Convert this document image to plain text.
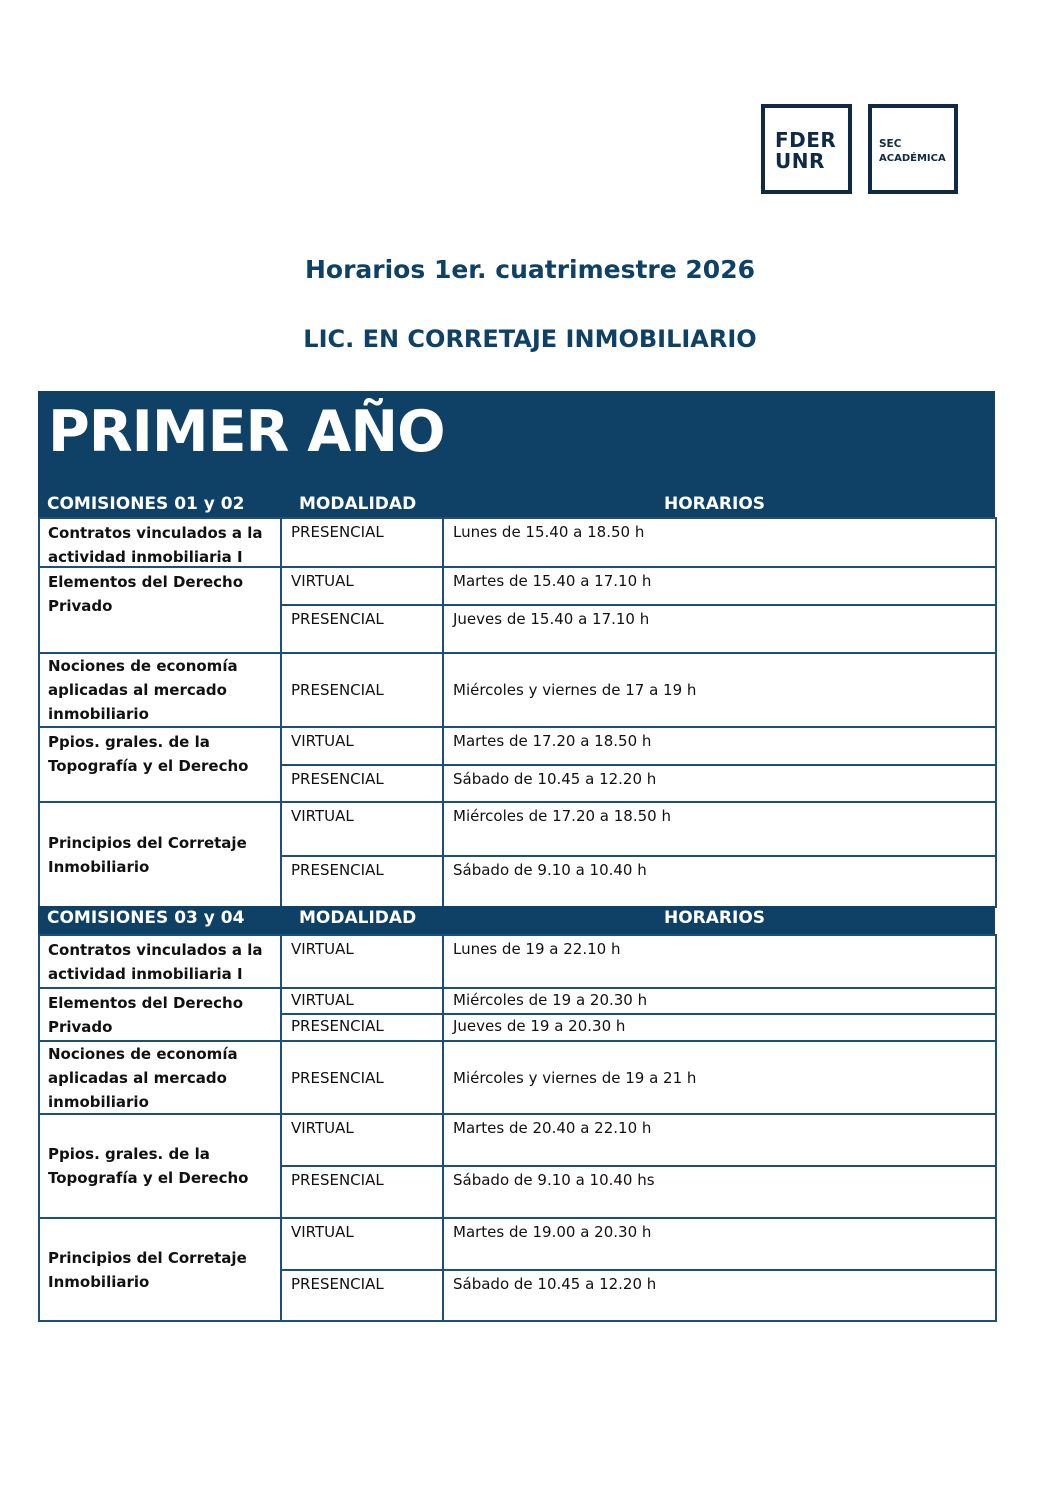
FDER
UNR
SEC
ACADÉMICA
Horarios 1er. cuatrimestre 2026
LIC. EN CORRETAJE INMOBILIARIO
PRIMER AÑO
COMISIONES 01 y 02	MODALIDAD	HORARIOS
Contratos vinculados a la
actividad inmobiliaria I
PRESENCIAL	Lunes de 15.40 a 18.50 h
Elementos del Derecho
Privado
VIRTUAL	Martes de 15.40 a 17.10 h
PRESENCIAL	Jueves de 15.40 a 17.10 h
Nociones de economía
aplicadas al mercado
inmobiliario
PRESENCIAL	Miércoles y viernes de 17 a 19 h
Ppios. grales. de la
Topografía y el Derecho
VIRTUAL	Martes de 17.20 a 18.50 h
PRESENCIAL	Sábado de 10.45 a 12.20 h
Principios del Corretaje
Inmobiliario
VIRTUAL	Miércoles de 17.20 a 18.50 h
PRESENCIAL	Sábado de 9.10 a 10.40 h
COMISIONES 03 y 04	MODALIDAD	HORARIOS
Contratos vinculados a la
actividad inmobiliaria I
VIRTUAL	Lunes de 19 a 22.10 h
Elementos del Derecho
Privado
VIRTUAL	Miércoles de 19 a 20.30 h
PRESENCIAL	Jueves de 19 a 20.30 h
Nociones de economía
aplicadas al mercado
inmobiliario
PRESENCIAL	Miércoles y viernes de 19 a 21 h
Ppios. grales. de la
Topografía y el Derecho
VIRTUAL	Martes de 20.40 a 22.10 h
PRESENCIAL	Sábado de 9.10 a 10.40 hs
Principios del Corretaje
Inmobiliario
VIRTUAL	Martes de 19.00 a 20.30 h
PRESENCIAL	Sábado de 10.45 a 12.20 h
